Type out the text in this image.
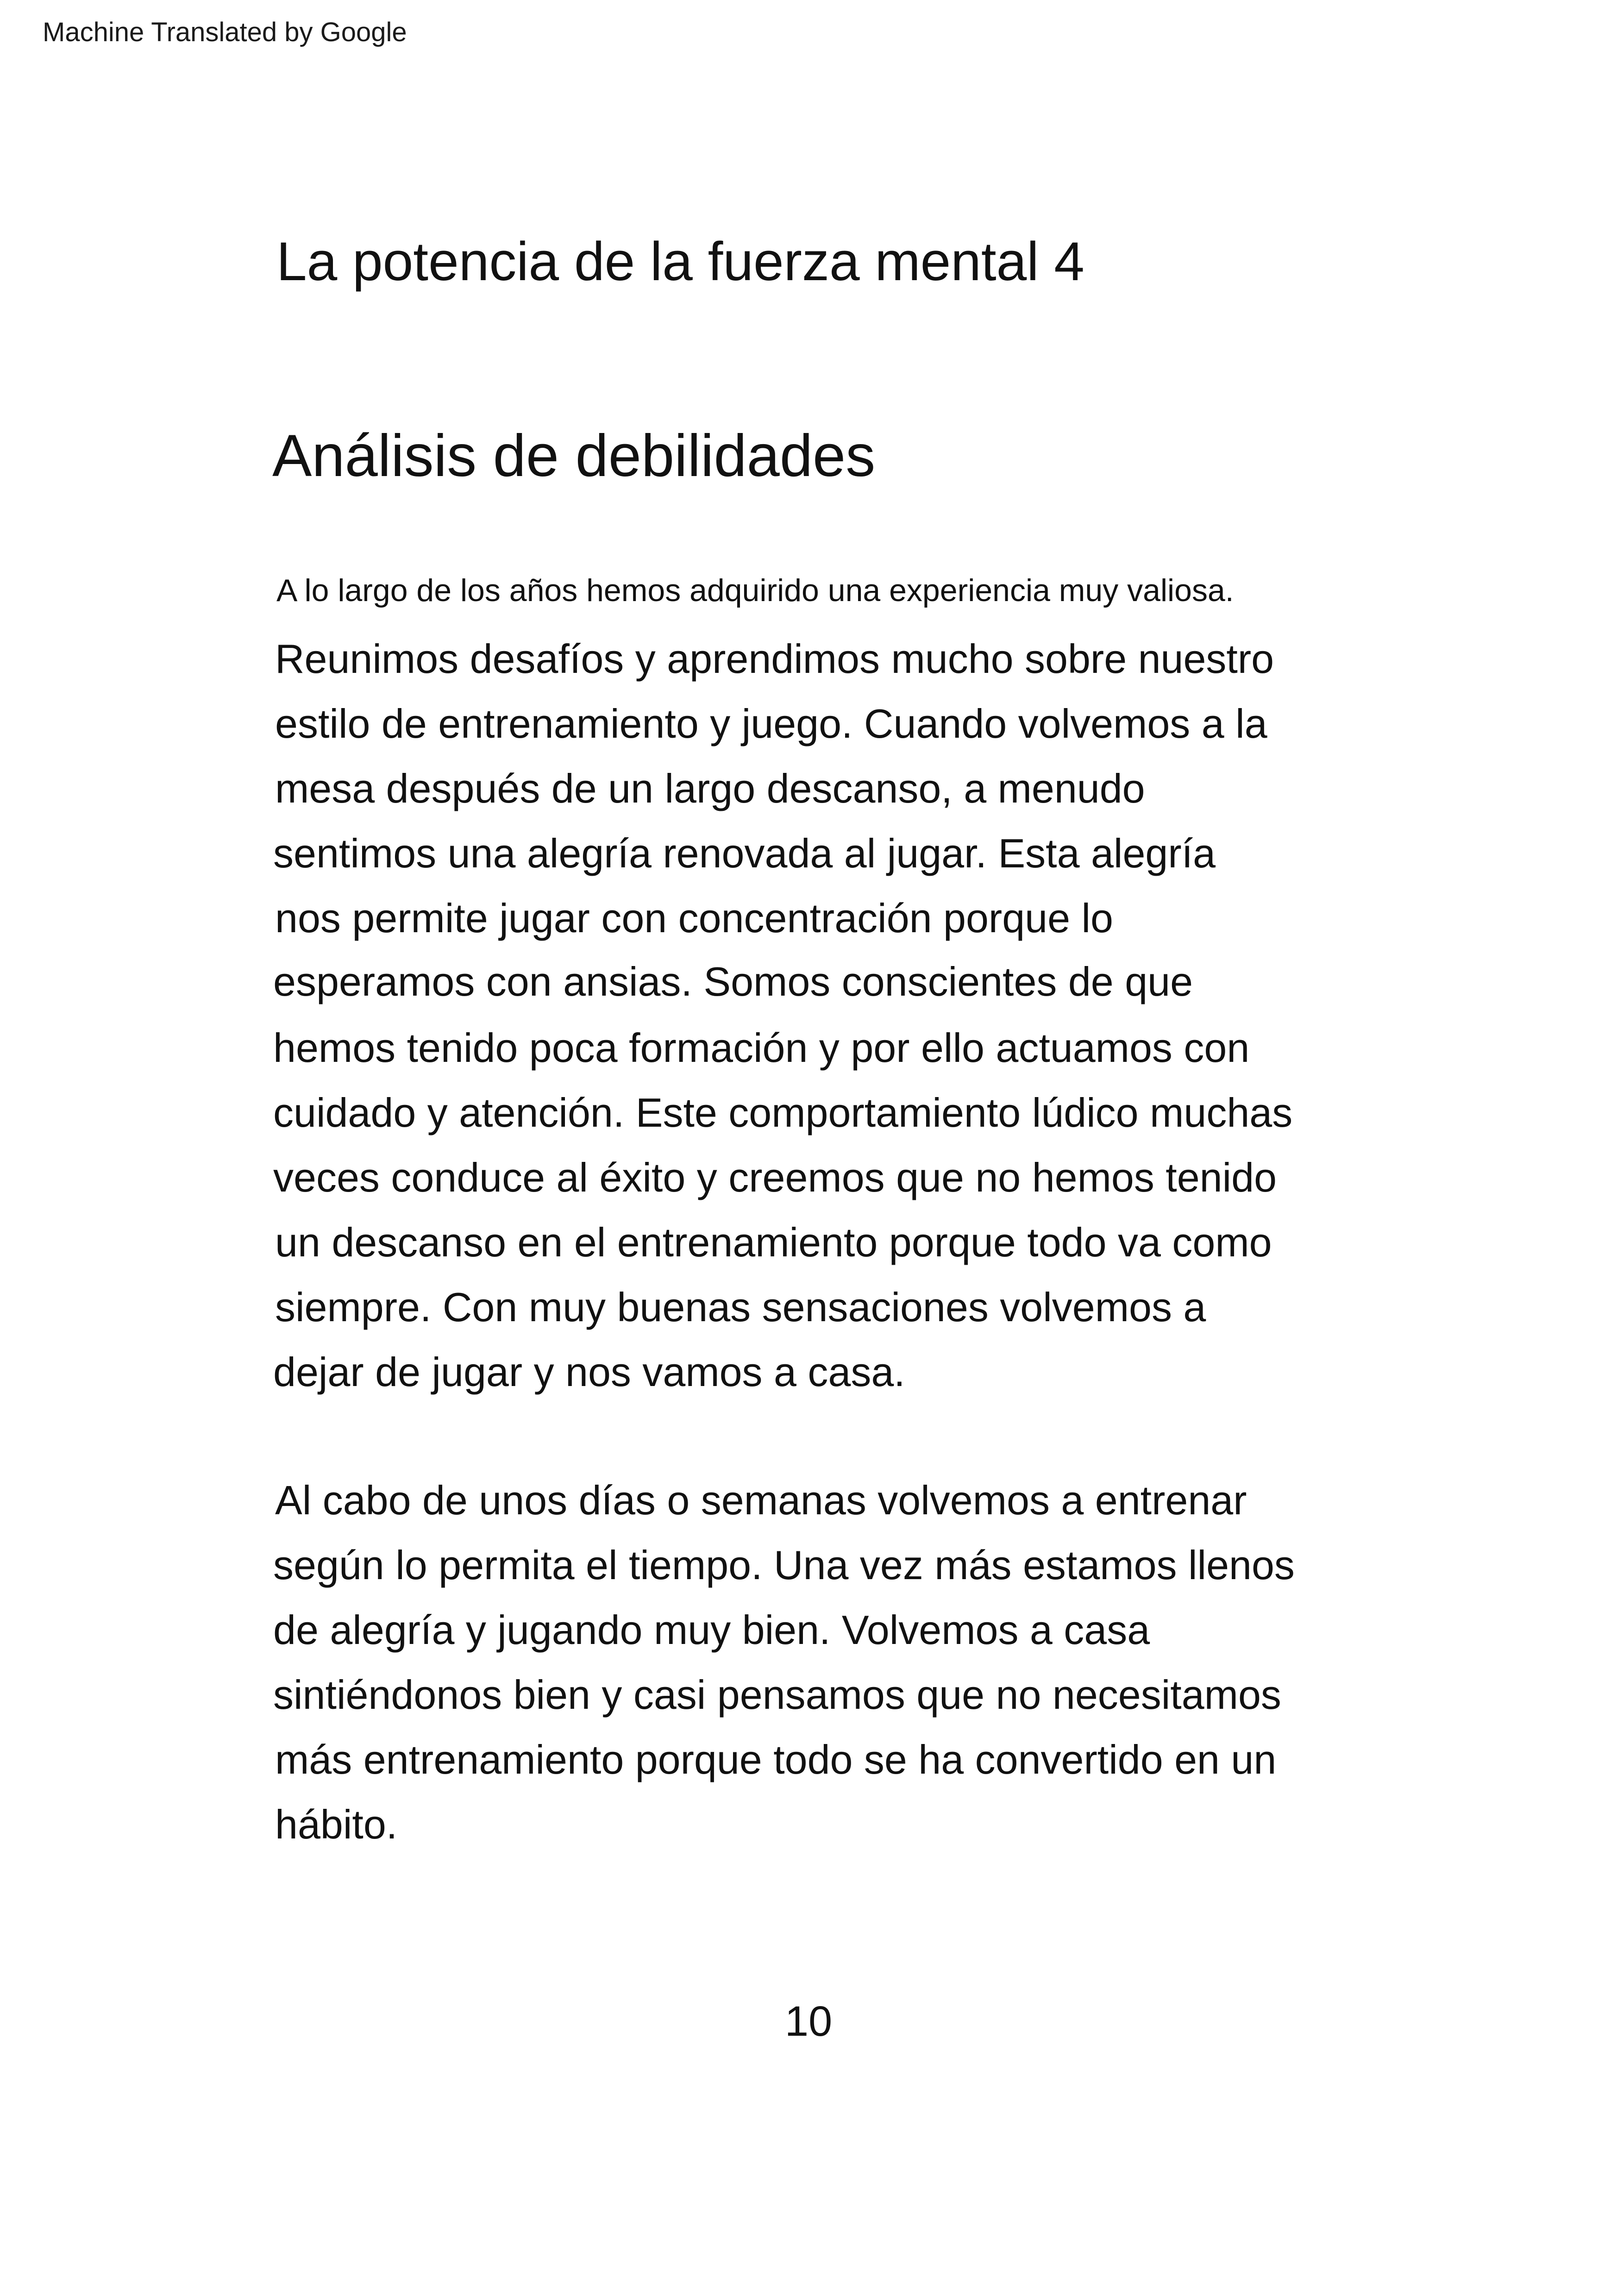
Machine Translated by Google
La potencia de la fuerza mental 4
Análisis de debilidades
A lo largo de los años hemos adquirido una experiencia muy valiosa.
Reunimos desafíos y aprendimos mucho sobre nuestro
estilo de entrenamiento y juego. Cuando volvemos a la
mesa después de un largo descanso, a menudo
sentimos una alegría renovada al jugar. Esta alegría
nos permite jugar con concentración porque lo
esperamos con ansias. Somos conscientes de que
hemos tenido poca formación y por ello actuamos con
cuidado y atención. Este comportamiento lúdico muchas
veces conduce al éxito y creemos que no hemos tenido
un descanso en el entrenamiento porque todo va como
siempre. Con muy buenas sensaciones volvemos a
dejar de jugar y nos vamos a casa.
Al cabo de unos días o semanas volvemos a entrenar
según lo permita el tiempo. Una vez más estamos llenos
de alegría y jugando muy bien. Volvemos a casa
sintiéndonos bien y casi pensamos que no necesitamos
más entrenamiento porque todo se ha convertido en un
hábito.
10
